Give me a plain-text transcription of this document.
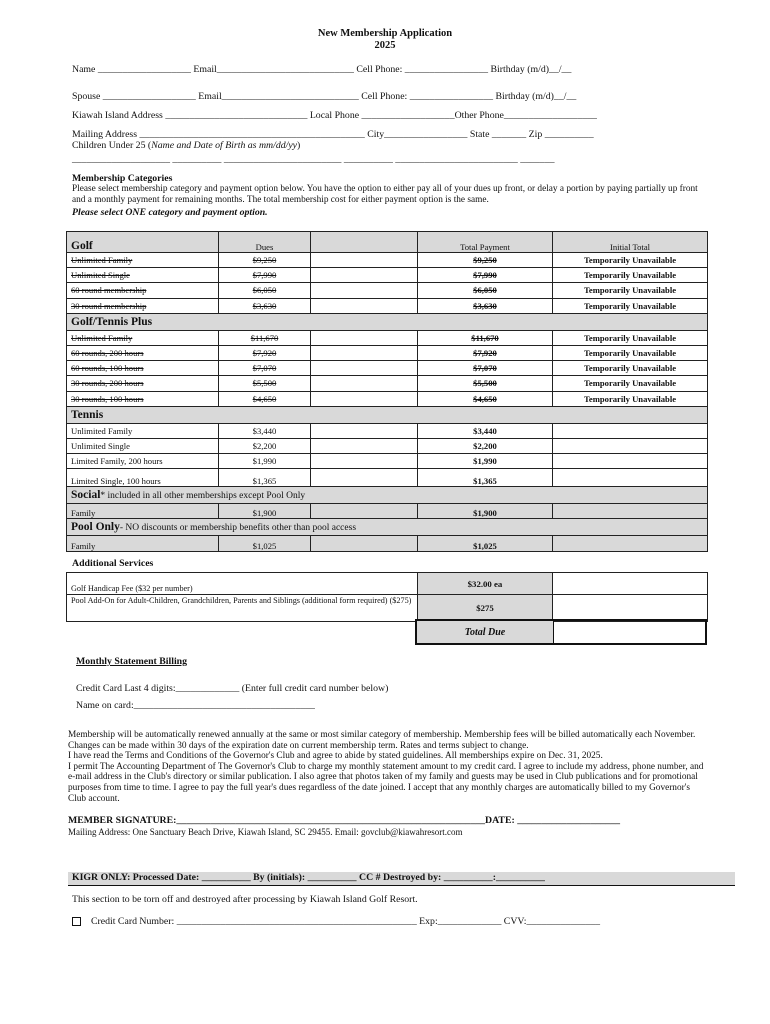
New Membership Application
2025
Name ___________________ Email____________________________ Cell Phone: _________________ Birthday (m/d)__/__
Spouse ___________________ Email____________________________ Cell Phone: _________________ Birthday (m/d)__/__
Kiawah Island Address _____________________________ Local Phone ___________________Other Phone___________________
Mailing Address ______________________________________________ City_________________ State _______ Zip __________
Children Under 25 (Name and Date of Birth as mm/dd/yy)
____________________ __________ ________________________ __________ _________________________ _______
Membership Categories
Please select membership category and payment option below. You have the option to either pay all of your dues up front, or delay a portion by paying partially up front and a monthly payment for remaining months. The total membership cost for either payment option is the same.
Please select ONE category and payment option.
Golf	Dues		Total Payment	Initial Total
Unlimited Family	$9,250		$9,250	Temporarily Unavailable
Unlimited Single	$7,990		$7,990	Temporarily Unavailable
60 round membership	$6,050		$6,050	Temporarily Unavailable
30 round membership	$3,630		$3,630	Temporarily Unavailable
Golf/Tennis Plus				
Unlimited Family	$11,670		$11,670	Temporarily Unavailable
60 rounds, 200 hours	$7,920		$7,920	Temporarily Unavailable
60 rounds, 100 hours	$7,070		$7,070	Temporarily Unavailable
30 rounds, 200 hours	$5,500		$5,500	Temporarily Unavailable
30 rounds, 100 hours	$4,650		$4,650	Temporarily Unavailable
Tennis				
Unlimited Family	$3,440		$3,440	
Unlimited Single	$2,200		$2,200	
Limited Family, 200 hours	$1,990		$1,990	
Limited Single, 100 hours	$1,365		$1,365	
Social* included in all other memberships except Pool Only				
Family	$1,900		$1,900	
Pool Only- NO discounts or membership benefits other than pool access				
Family	$1,025		$1,025	
Additional Services
Golf Handicap Fee ($32 per number)	$32.00 ea	
Pool Add-On for Adult-Children, Grandchildren, Parents and Siblings (additional form required) ($275)	$275	
Total Due
Monthly Statement Billing
Credit Card Last 4 digits:_____________ (Enter full credit card number below)
Name on card:_____________________________________
Membership will be automatically renewed annually at the same or most similar category of membership. Membership fees will be billed automatically each November. Changes can be made within 30 days of the expiration date on current membership term. Rates and terms subject to change.
I have read the Terms and Conditions of the Governor's Club and agree to abide by stated guidelines. All memberships expire on Dec. 31, 2025.
I permit The Accounting Department of The Governor's Club to charge my monthly statement amount to my credit card. I agree to include my address, phone number, and e-mail address in the Club's directory or similar publication. I also agree that photos taken of my family and guests may be used in Club publications and for promotional purposes from time to time. I agree to pay the full year's dues regardless of the date joined. I accept that any monthly charges are automatically billed to my Governor's Club account.
MEMBER SIGNATURE:_______________________________________________________________DATE: _____________________
Mailing Address: One Sanctuary Beach Drive, Kiawah Island, SC 29455. Email: govclub@kiawahresort.com
KIGR ONLY: Processed Date: __________ By (initials): __________ CC # Destroyed by: __________:__________
This section to be torn off and destroyed after processing by Kiawah Island Golf Resort.
Credit Card Number: _________________________________________________ Exp:_____________ CVV:_______________
